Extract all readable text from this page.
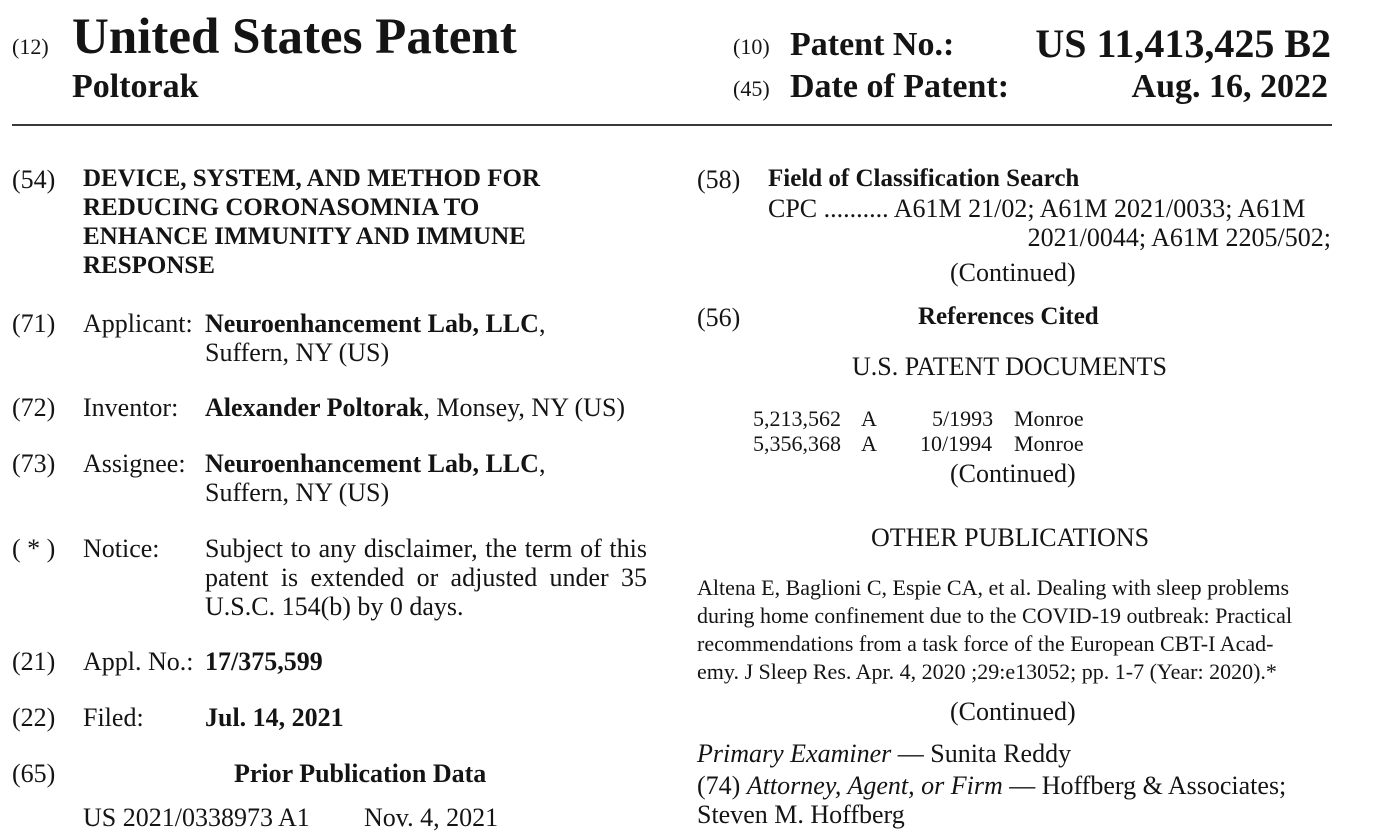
(12) United States Patent
Poltorak
(10) Patent No.: US 11,413,425 B2
(45) Date of Patent:	Aug. 16, 2022
(54) DEVICE, SYSTEM, AND METHOD FOR
REDUCING CORONASOMNIA TO
ENHANCE IMMUNITY AND IMMUNE
RESPONSE
(71) Applicant: Neuroenhancement Lab, LLC,
Suffern, NY (US)
(72) Inventor: Alexander Poltorak, Monsey, NY (US)
(73) Assignee: Neuroenhancement Lab, LLC,
Suffern, NY (US)
( * ) Notice: Subject to any disclaimer, the term of this
patent is extended or adjusted under 35
U.S.C. 154(b) by 0 days.
(21) Appl. No.: 17/375,599
(22) Filed: Jul. 14, 2021
(65)	Prior Publication Data
US 2021/0338973 A1 Nov. 4, 2021
(58) Field of Classification Search
CPC .......... A61M 21/02; A61M 2021/0033; A61M
2021/0044; A61M 2205/502;
(Continued)
(56)	References Cited
U.S. PATENT DOCUMENTS
5,213,562 A	5/1993 Monroe
5,356,368 A 10/1994 Monroe
(Continued)
OTHER PUBLICATIONS
Altena E, Baglioni C, Espie CA, et al. Dealing with sleep problems
during home confinement due to the COVID-19 outbreak: Practical
recommendations from a task force of the European CBT-I Acad-
emy. J Sleep Res. Apr. 4, 2020 ;29:e13052; pp. 1-7 (Year: 2020).*
(Continued)
Primary Examiner — Sunita Reddy
(74) Attorney, Agent, or Firm — Hoffberg & Associates;
Steven M. Hoffberg
